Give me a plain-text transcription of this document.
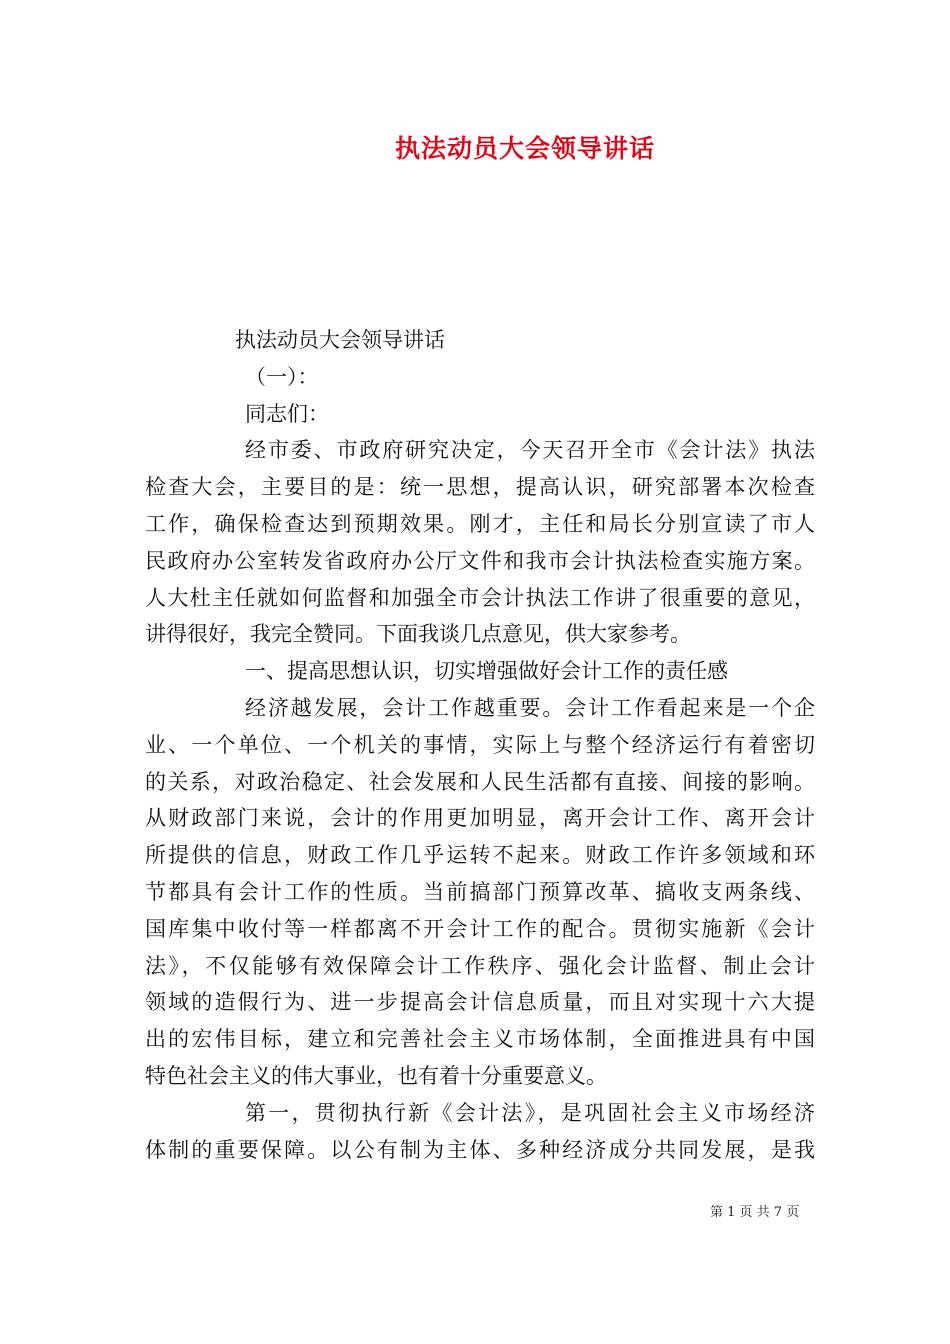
执法动员大会领导讲话
执法动员大会领导讲话
（一）：
同志们：
经市委、市政府研究决定，今天召开全市《会计法》执法
检查大会，主要目的是：统一思想，提高认识，研究部署本次检查
工作，确保检查达到预期效果。刚才，主任和局长分别宣读了市人
民政府办公室转发省政府办公厅文件和我市会计执法检查实施方案。
人大杜主任就如何监督和加强全市会计执法工作讲了很重要的意见，
讲得很好，我完全赞同。下面我谈几点意见，供大家参考。
一、提高思想认识，切实增强做好会计工作的责任感
经济越发展，会计工作越重要。会计工作看起来是一个企
业、一个单位、一个机关的事情，实际上与整个经济运行有着密切
的关系，对政治稳定、社会发展和人民生活都有直接、间接的影响。
从财政部门来说，会计的作用更加明显，离开会计工作、离开会计
所提供的信息，财政工作几乎运转不起来。财政工作许多领域和环
节都具有会计工作的性质。当前搞部门预算改革、搞收支两条线、
国库集中收付等一样都离不开会计工作的配合。贯彻实施新《会计
法》，不仅能够有效保障会计工作秩序、强化会计监督、制止会计
领域的造假行为、进一步提高会计信息质量，而且对实现十六大提
出的宏伟目标，建立和完善社会主义市场体制，全面推进具有中国
特色社会主义的伟大事业，也有着十分重要意义。
第一，贯彻执行新《会计法》，是巩固社会主义市场经济
体制的重要保障。以公有制为主体、多种经济成分共同发展，是我
第 1 页 共 7 页
